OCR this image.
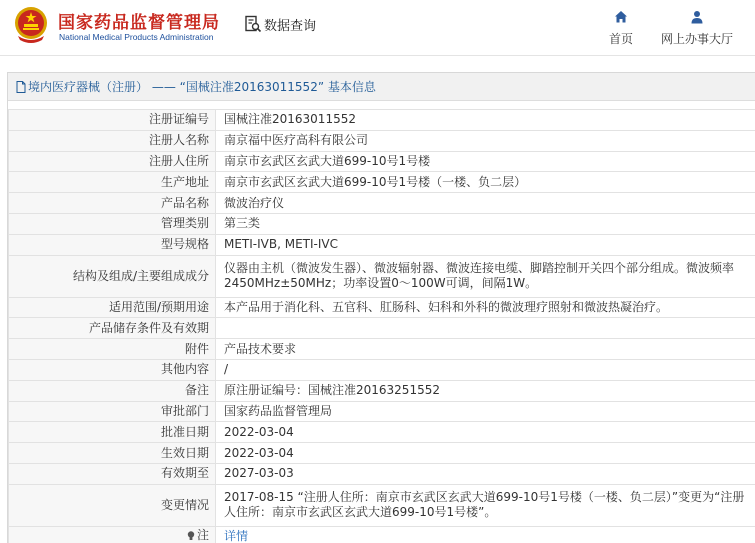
国家药品监督管理局
National Medical Products Administration
数据查询
首页 网上办事大厅
境内医疗器械（注册） —— “国械注准20163011552” 基本信息
注册证编号	国械注准20163011552
注册人名称	南京福中医疗高科有限公司
注册人住所	南京市玄武区玄武大道699-10号1号楼
生产地址	南京市玄武区玄武大道699-10号1号楼（一楼、负二层）
产品名称	微波治疗仪
管理类别	第三类
型号规格	METI-IVB, METI-IVC
结构及组成/主要组成成分	仪器由主机（微波发生器）、微波辐射器、微波连接电缆、脚踏控制开关四个部分组成。微波频率2450MHz±50MHz；功率设置0～100W可调，间隔1W。
适用范围/预期用途	本产品用于消化科、五官科、肛肠科、妇科和外科的微波理疗照射和微波热凝治疗。
产品储存条件及有效期	
附件	产品技术要求
其他内容	/
备注	原注册证编号：国械注准20163251552
审批部门	国家药品监督管理局
批准日期	2022-03-04
生效日期	2022-03-04
有效期至	2027-03-03
变更情况	2017-08-15 “注册人住所：南京市玄武区玄武大道699-10号1号楼（一楼、负二层）”变更为“注册人住所：南京市玄武区玄武大道699-10号1号楼”。

注	详情
